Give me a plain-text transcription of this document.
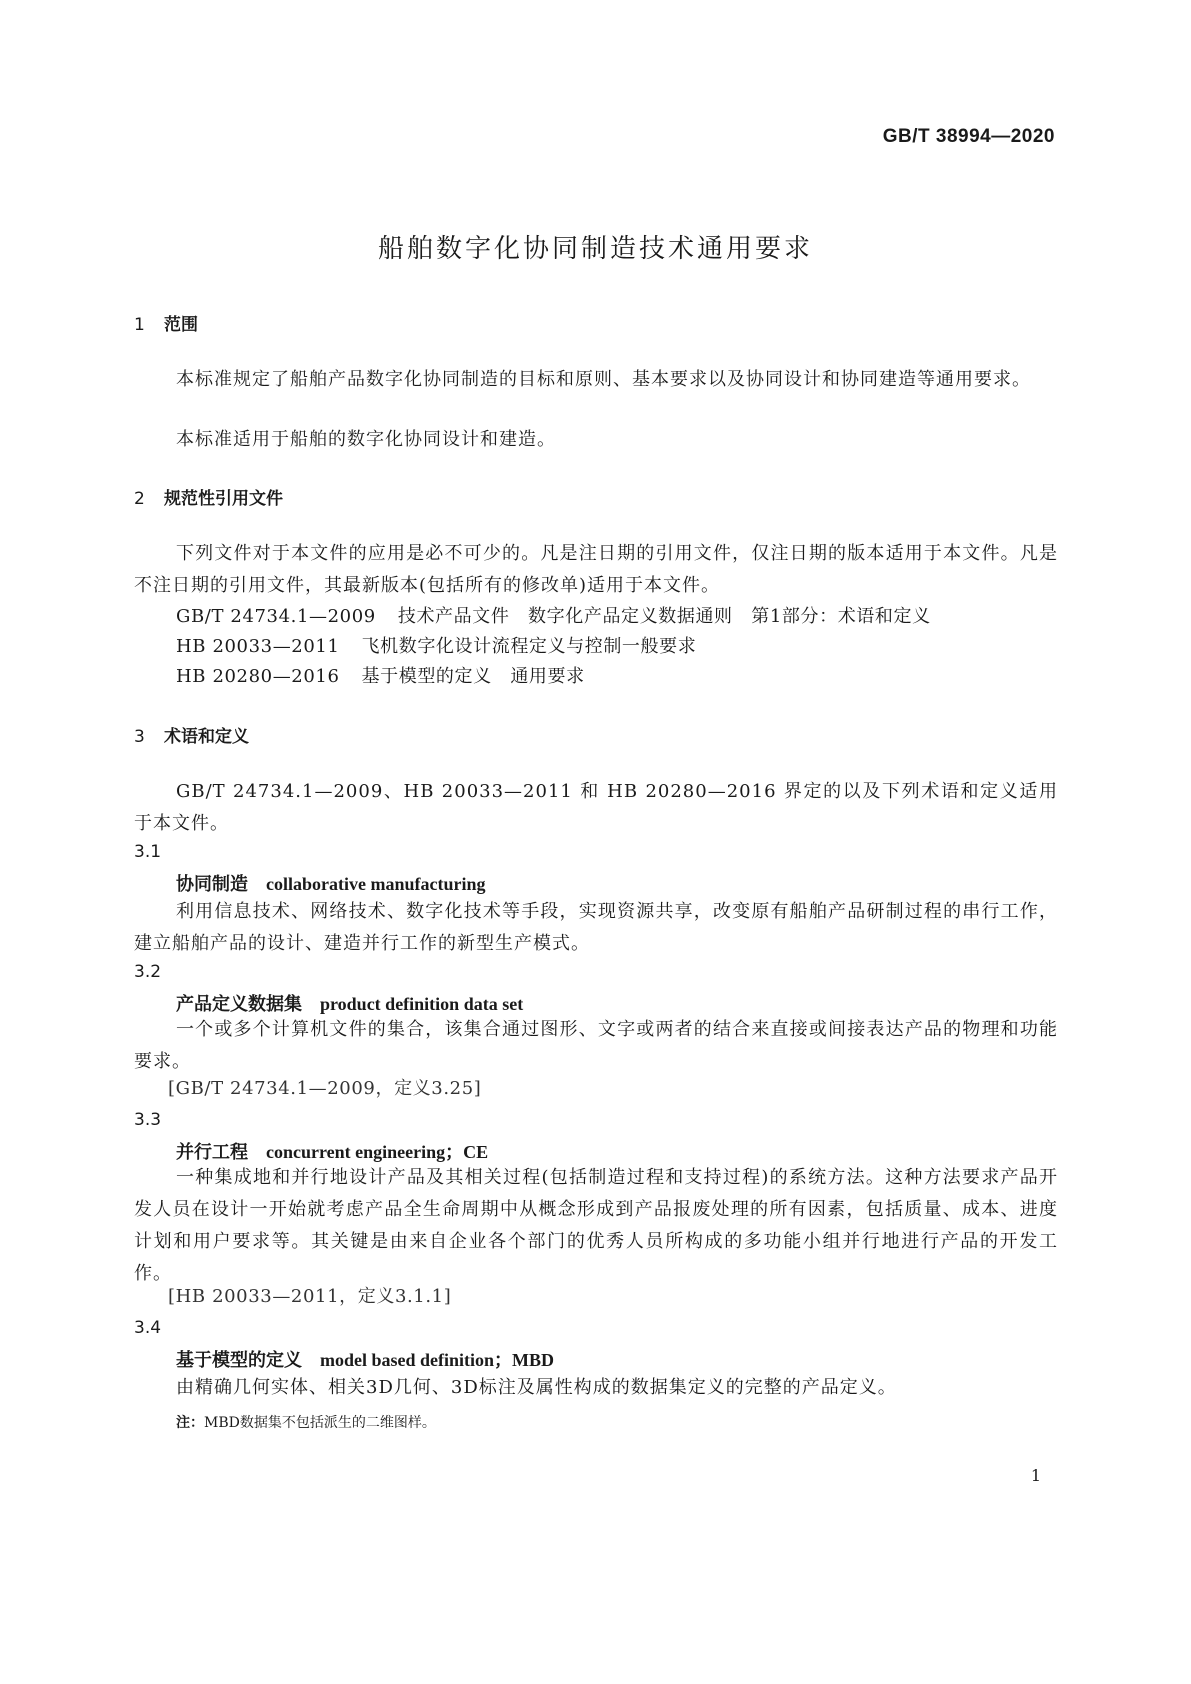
GB/T 38994—2020
船舶数字化协同制造技术通用要求
1 范围
本标准规定了船舶产品数字化协同制造的目标和原则、基本要求以及协同设计和协同建造等通用要求。
本标准适用于船舶的数字化协同设计和建造。
2 规范性引用文件
下列文件对于本文件的应用是必不可少的。凡是注日期的引用文件，仅注日期的版本适用于本文件。凡是不注日期的引用文件，其最新版本(包括所有的修改单)适用于本文件。
GB/T 24734.1—2009 技术产品文件　数字化产品定义数据通则　第1部分：术语和定义
HB 20033—2011 飞机数字化设计流程定义与控制一般要求
HB 20280—2016 基于模型的定义　通用要求
3 术语和定义
GB/T 24734.1—2009、HB 20033—2011 和 HB 20280—2016 界定的以及下列术语和定义适用于本文件。
3.1
协同制造 collaborative manufacturing
利用信息技术、网络技术、数字化技术等手段，实现资源共享，改变原有船舶产品研制过程的串行工作，建立船舶产品的设计、建造并行工作的新型生产模式。
3.2
产品定义数据集 product definition data set
一个或多个计算机文件的集合，该集合通过图形、文字或两者的结合来直接或间接表达产品的物理和功能要求。
[GB/T 24734.1—2009，定义3.25]
3.3
并行工程 concurrent engineering；CE
一种集成地和并行地设计产品及其相关过程(包括制造过程和支持过程)的系统方法。这种方法要求产品开发人员在设计一开始就考虑产品全生命周期中从概念形成到产品报废处理的所有因素，包括质量、成本、进度计划和用户要求等。其关键是由来自企业各个部门的优秀人员所构成的多功能小组并行地进行产品的开发工作。
[HB 20033—2011，定义3.1.1]
3.4
基于模型的定义 model based definition；MBD
由精确几何实体、相关3D几何、3D标注及属性构成的数据集定义的完整的产品定义。
注：MBD数据集不包括派生的二维图样。
1
